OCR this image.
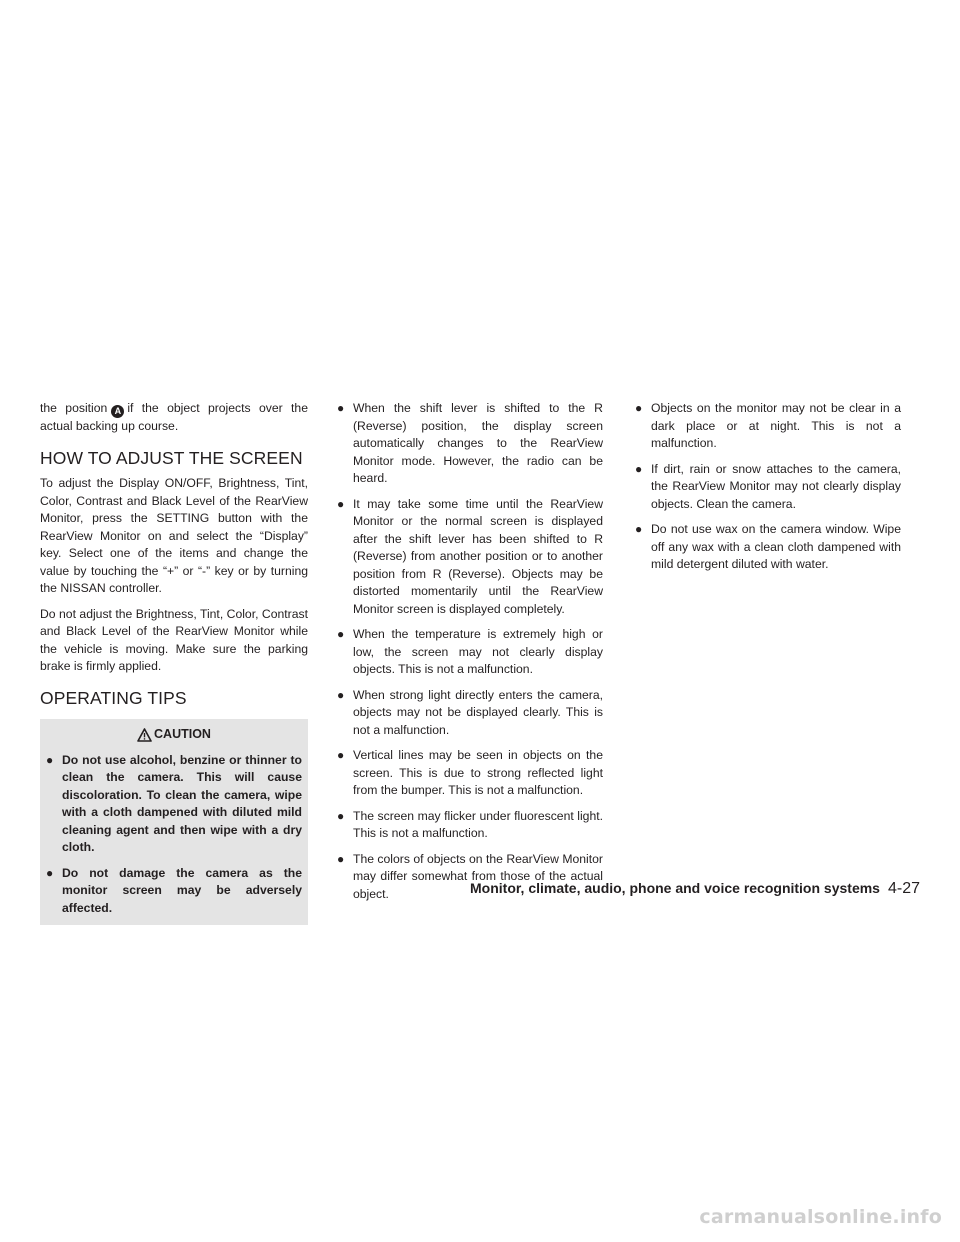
the position A if the object projects over the actual backing up course.

HOW TO ADJUST THE SCREEN

To adjust the Display ON/OFF, Brightness, Tint, Color, Contrast and Black Level of the RearView Monitor, press the SETTING button with the RearView Monitor on and select the “Display” key. Select one of the items and change the value by touching the “+” or “-” key or by turning the NISSAN controller.

Do not adjust the Brightness, Tint, Color, Contrast and Black Level of the RearView Monitor while the vehicle is moving. Make sure the parking brake is firmly applied.

OPERATING TIPS
CAUTION
● Do not use alcohol, benzine or thinner to clean the camera. This will cause discoloration. To clean the camera, wipe with a cloth dampened with diluted mild cleaning agent and then wipe with a dry cloth.
● Do not damage the camera as the monitor screen may be adversely affected.
● When the shift lever is shifted to the R (Reverse) position, the display screen automatically changes to the RearView Monitor mode. However, the radio can be heard.
● It may take some time until the RearView Monitor or the normal screen is displayed after the shift lever has been shifted to R (Reverse) from another position or to another position from R (Reverse). Objects may be distorted momentarily until the RearView Monitor screen is displayed completely.
● When the temperature is extremely high or low, the screen may not clearly display objects. This is not a malfunction.
● When strong light directly enters the camera, objects may not be displayed clearly. This is not a malfunction.
● Vertical lines may be seen in objects on the screen. This is due to strong reflected light from the bumper. This is not a malfunction.
● The screen may flicker under fluorescent light. This is not a malfunction.
● The colors of objects on the RearView Monitor may differ somewhat from those of the actual object.
● Objects on the monitor may not be clear in a dark place or at night. This is not a malfunction.
● If dirt, rain or snow attaches to the camera, the RearView Monitor may not clearly display objects. Clean the camera.
● Do not use wax on the camera window. Wipe off any wax with a clean cloth dampened with mild detergent diluted with water.
Monitor, climate, audio, phone and voice recognition systems 4-27
carmanualsonline.info
